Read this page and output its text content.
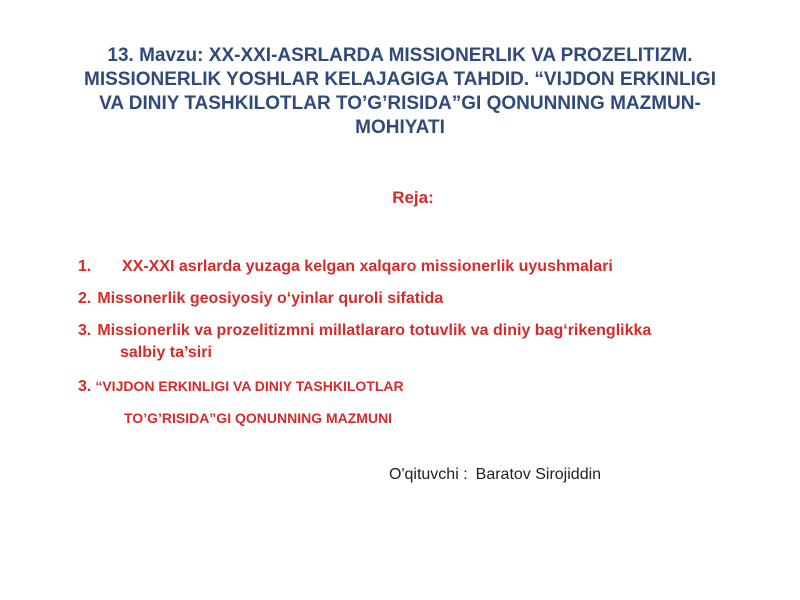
13. Mavzu: XX-XXI-ASRLARDA MISSIONERLIK VA PROZELITIZM.
MISSIONERLIK YOSHLAR KELAJAGIGA TAHDID. “VIJDON ERKINLIGI
VA DINIY TASHKILOTLAR TO’G’RISIDA”GI QONUNNING MAZMUN-
MOHIYATI
Reja:
1. XX-XXI asrlarda yuzaga kelgan xalqaro missionerlik uyushmalari
2. Missonerlik geosiyosiy o‘yinlar quroli sifatida
3. Missionerlik va prozelitizmni millatlararo totuvlik va diniy bag‘rikenglikka
salbiy ta’siri
3. “VIJDON ERKINLIGI VA DINIY TASHKILOTLAR
TO’G’RISIDA”GI QONUNNING MAZMUNI
O'qituvchi : Baratov Sirojiddin
